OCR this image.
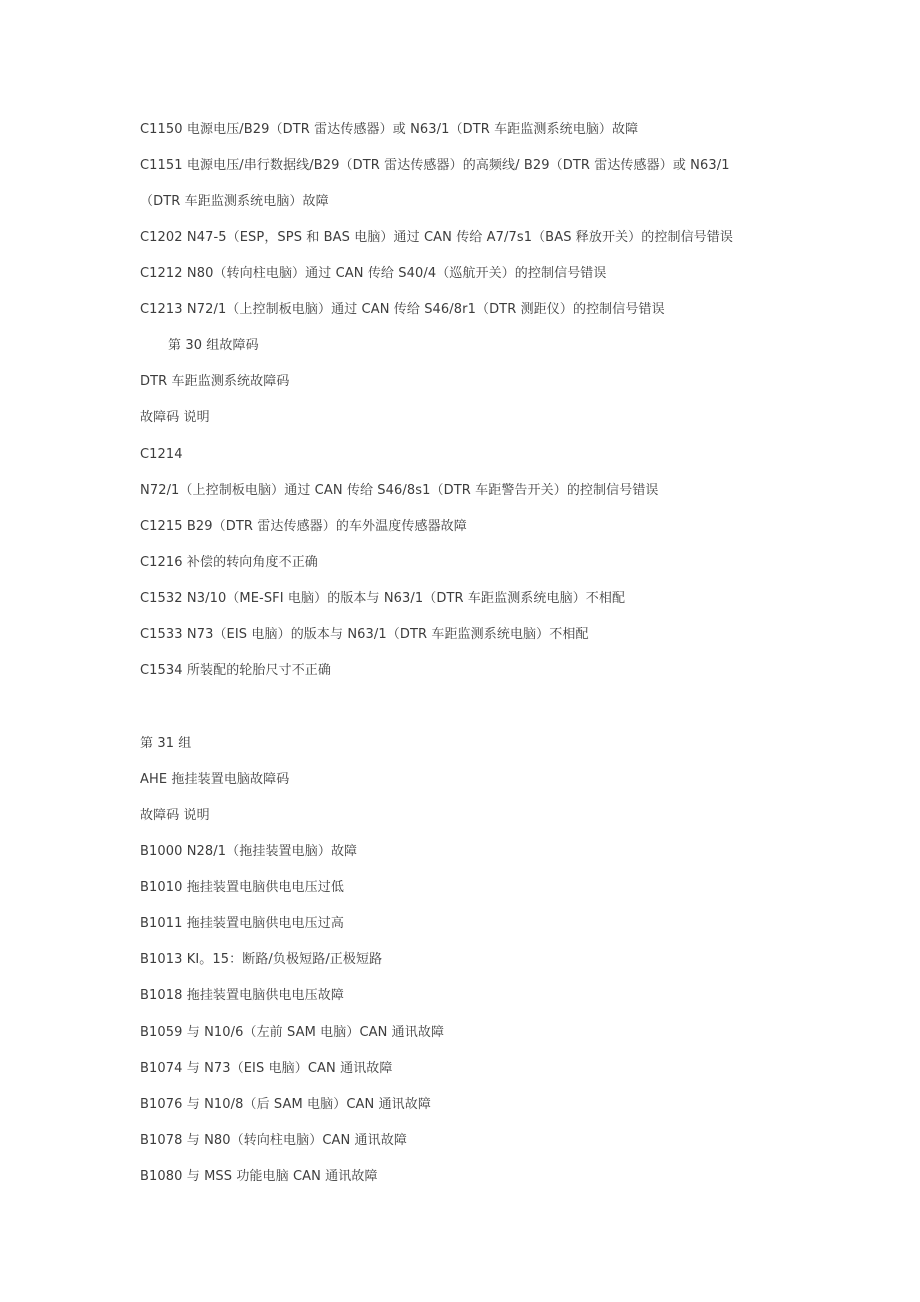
C1150 电源电压/B29（DTR 雷达传感器）或 N63/1（DTR 车距监测系统电脑）故障
C1151 电源电压/串行数据线/B29（DTR 雷达传感器）的高频线/ B29（DTR 雷达传感器）或 N63/1
（DTR 车距监测系统电脑）故障
C1202 N47-5（ESP，SPS 和 BAS 电脑）通过 CAN 传给 A7/7s1（BAS 释放开关）的控制信号错误
C1212 N80（转向柱电脑）通过 CAN 传给 S40/4（巡航开关）的控制信号错误
C1213 N72/1（上控制板电脑）通过 CAN 传给 S46/8r1（DTR 测距仪）的控制信号错误
第 30 组故障码
DTR 车距监测系统故障码
故障码 说明
C1214
N72/1（上控制板电脑）通过 CAN 传给 S46/8s1（DTR 车距警告开关）的控制信号错误
C1215 B29（DTR 雷达传感器）的车外温度传感器故障
C1216 补偿的转向角度不正确
C1532 N3/10（ME-SFI 电脑）的版本与 N63/1（DTR 车距监测系统电脑）不相配
C1533 N73（EIS 电脑）的版本与 N63/1（DTR 车距监测系统电脑）不相配
C1534 所装配的轮胎尺寸不正确
第 31 组
AHE 拖挂装置电脑故障码
故障码 说明
B1000 N28/1（拖挂装置电脑）故障
B1010 拖挂装置电脑供电电压过低
B1011 拖挂装置电脑供电电压过高
B1013 KI。15：断路/负极短路/正极短路
B1018 拖挂装置电脑供电电压故障
B1059 与 N10/6（左前 SAM 电脑）CAN 通讯故障
B1074 与 N73（EIS 电脑）CAN 通讯故障
B1076 与 N10/8（后 SAM 电脑）CAN 通讯故障
B1078 与 N80（转向柱电脑）CAN 通讯故障
B1080 与 MSS 功能电脑 CAN 通讯故障
